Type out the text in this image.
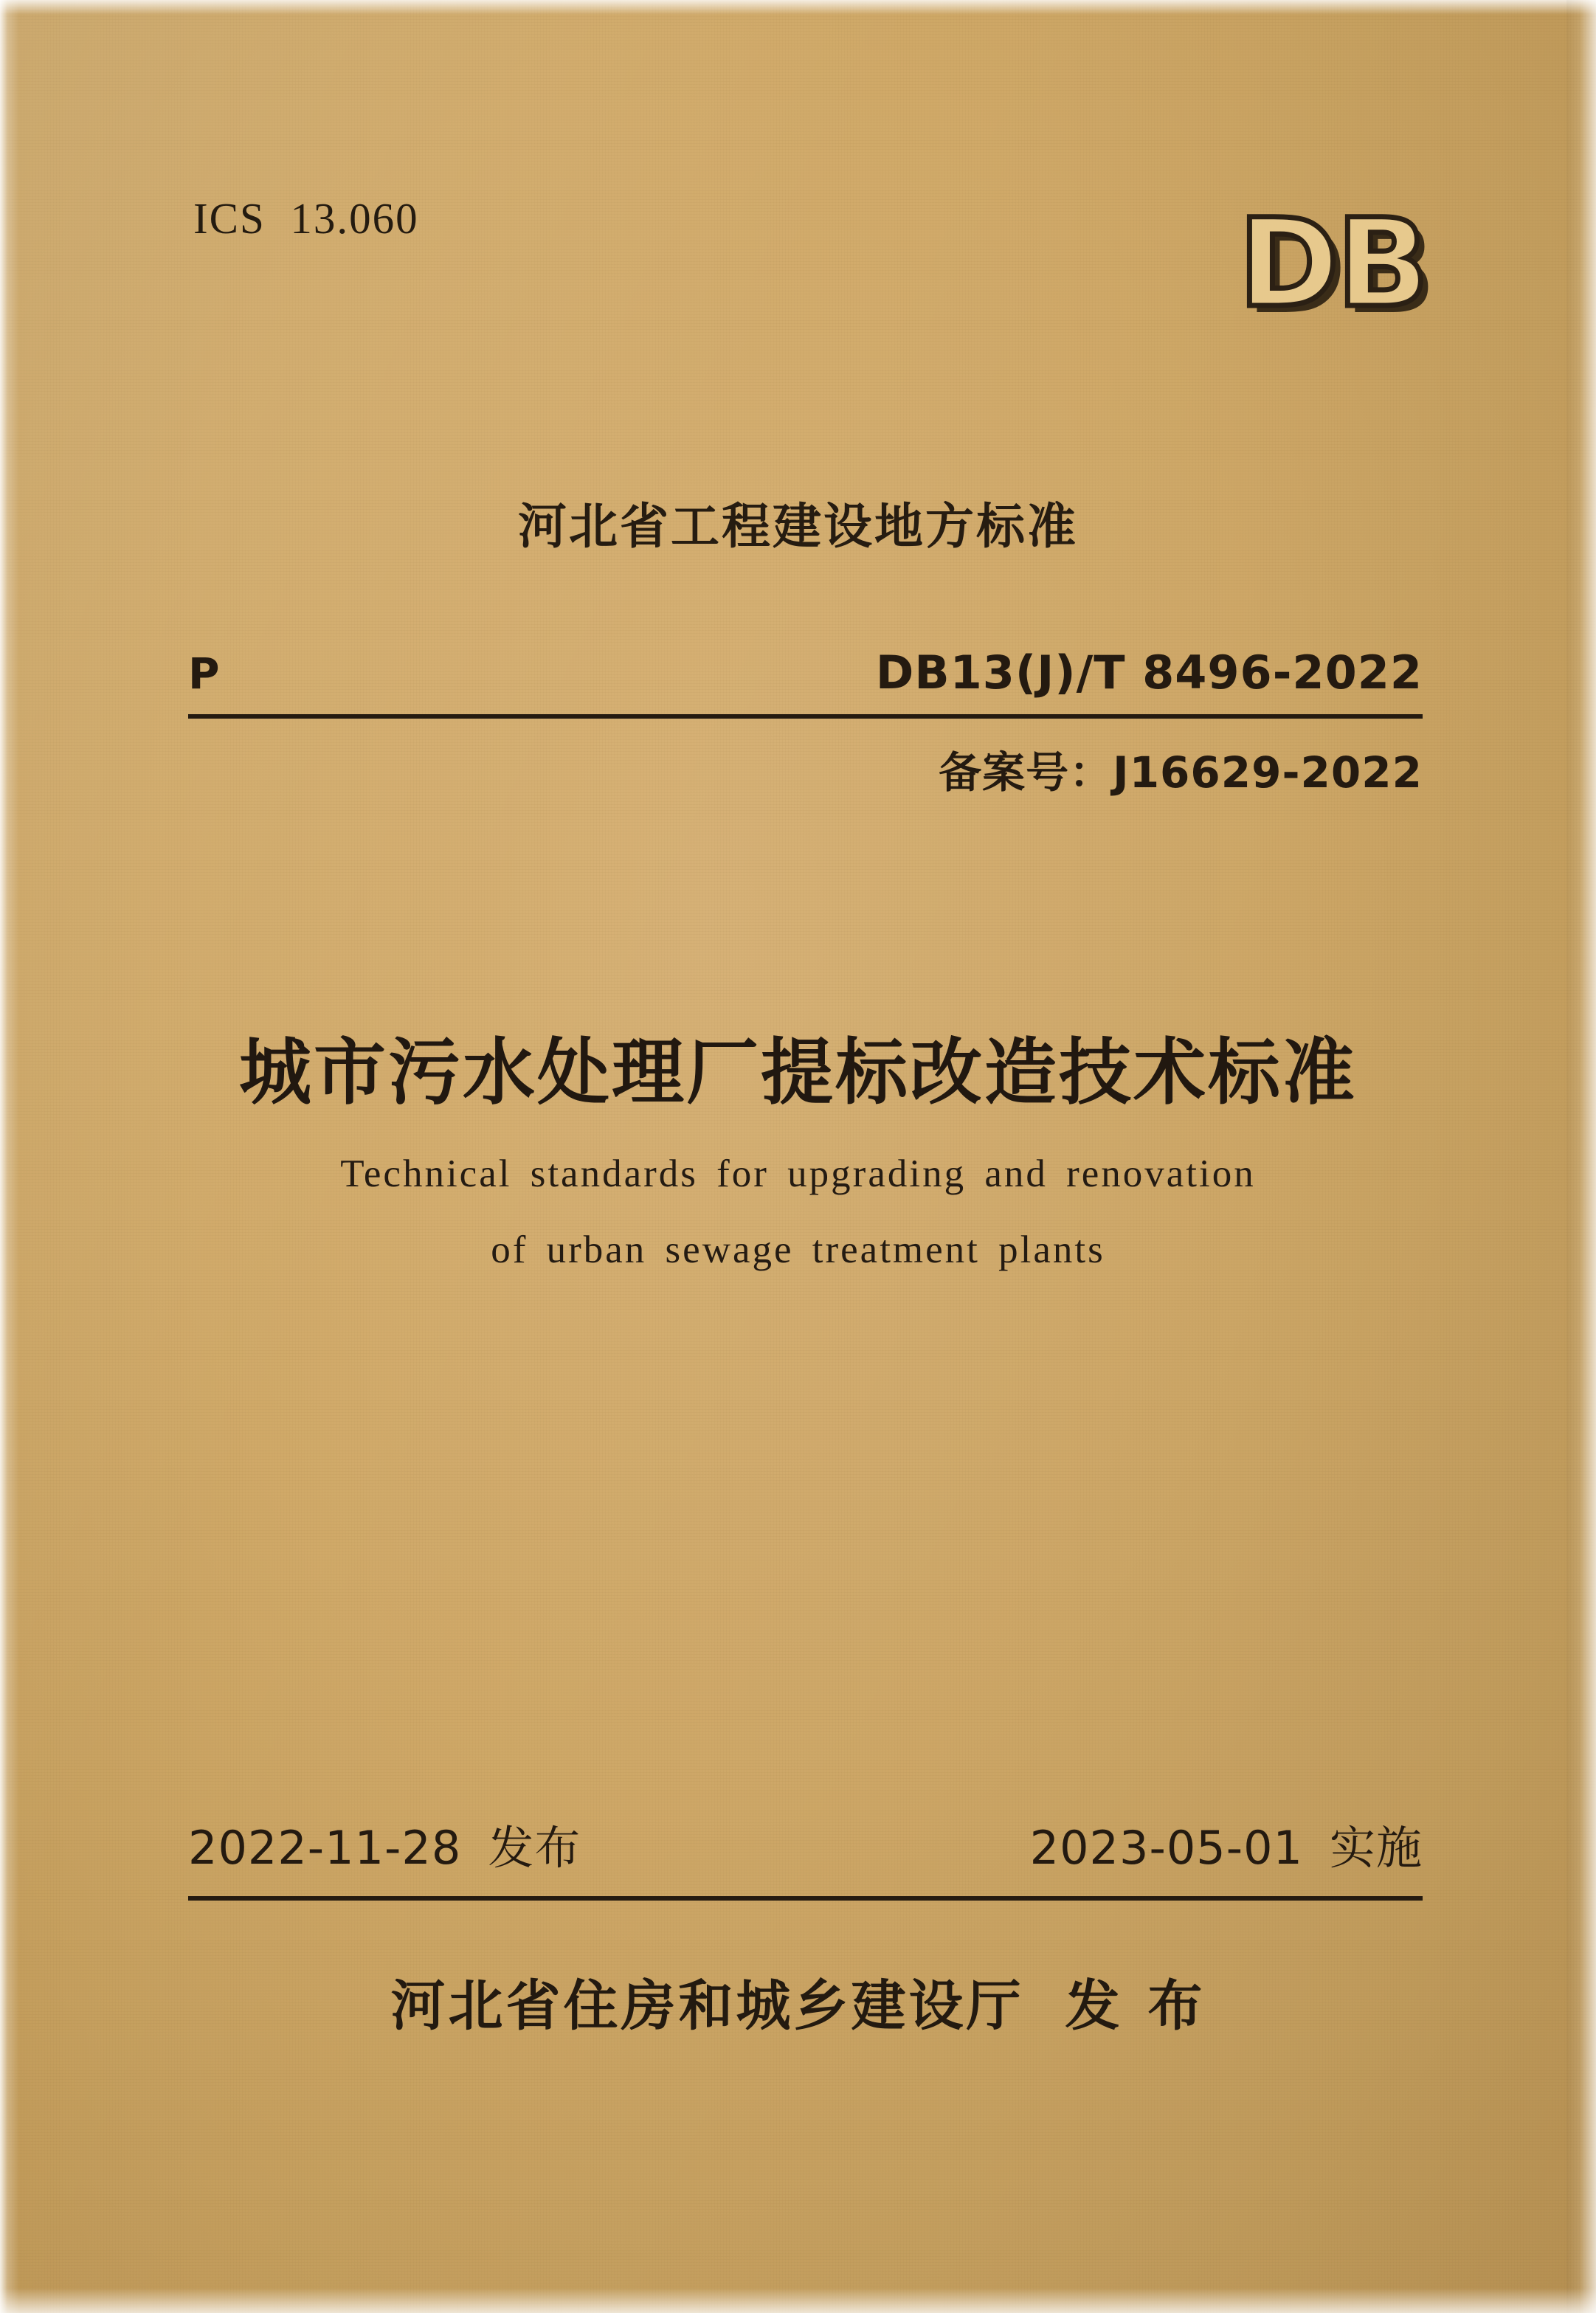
ICS  13.060	DB
河北省工程建设地方标准
P	DB13(J)/T 8496-2022
备案号：J16629-2022
城市污水处理厂提标改造技术标准
Technical standards for upgrading and renovation
of urban sewage treatment plants
2022-11-28 发布	2023-05-01 实施
河北省住房和城乡建设厅 发 布
